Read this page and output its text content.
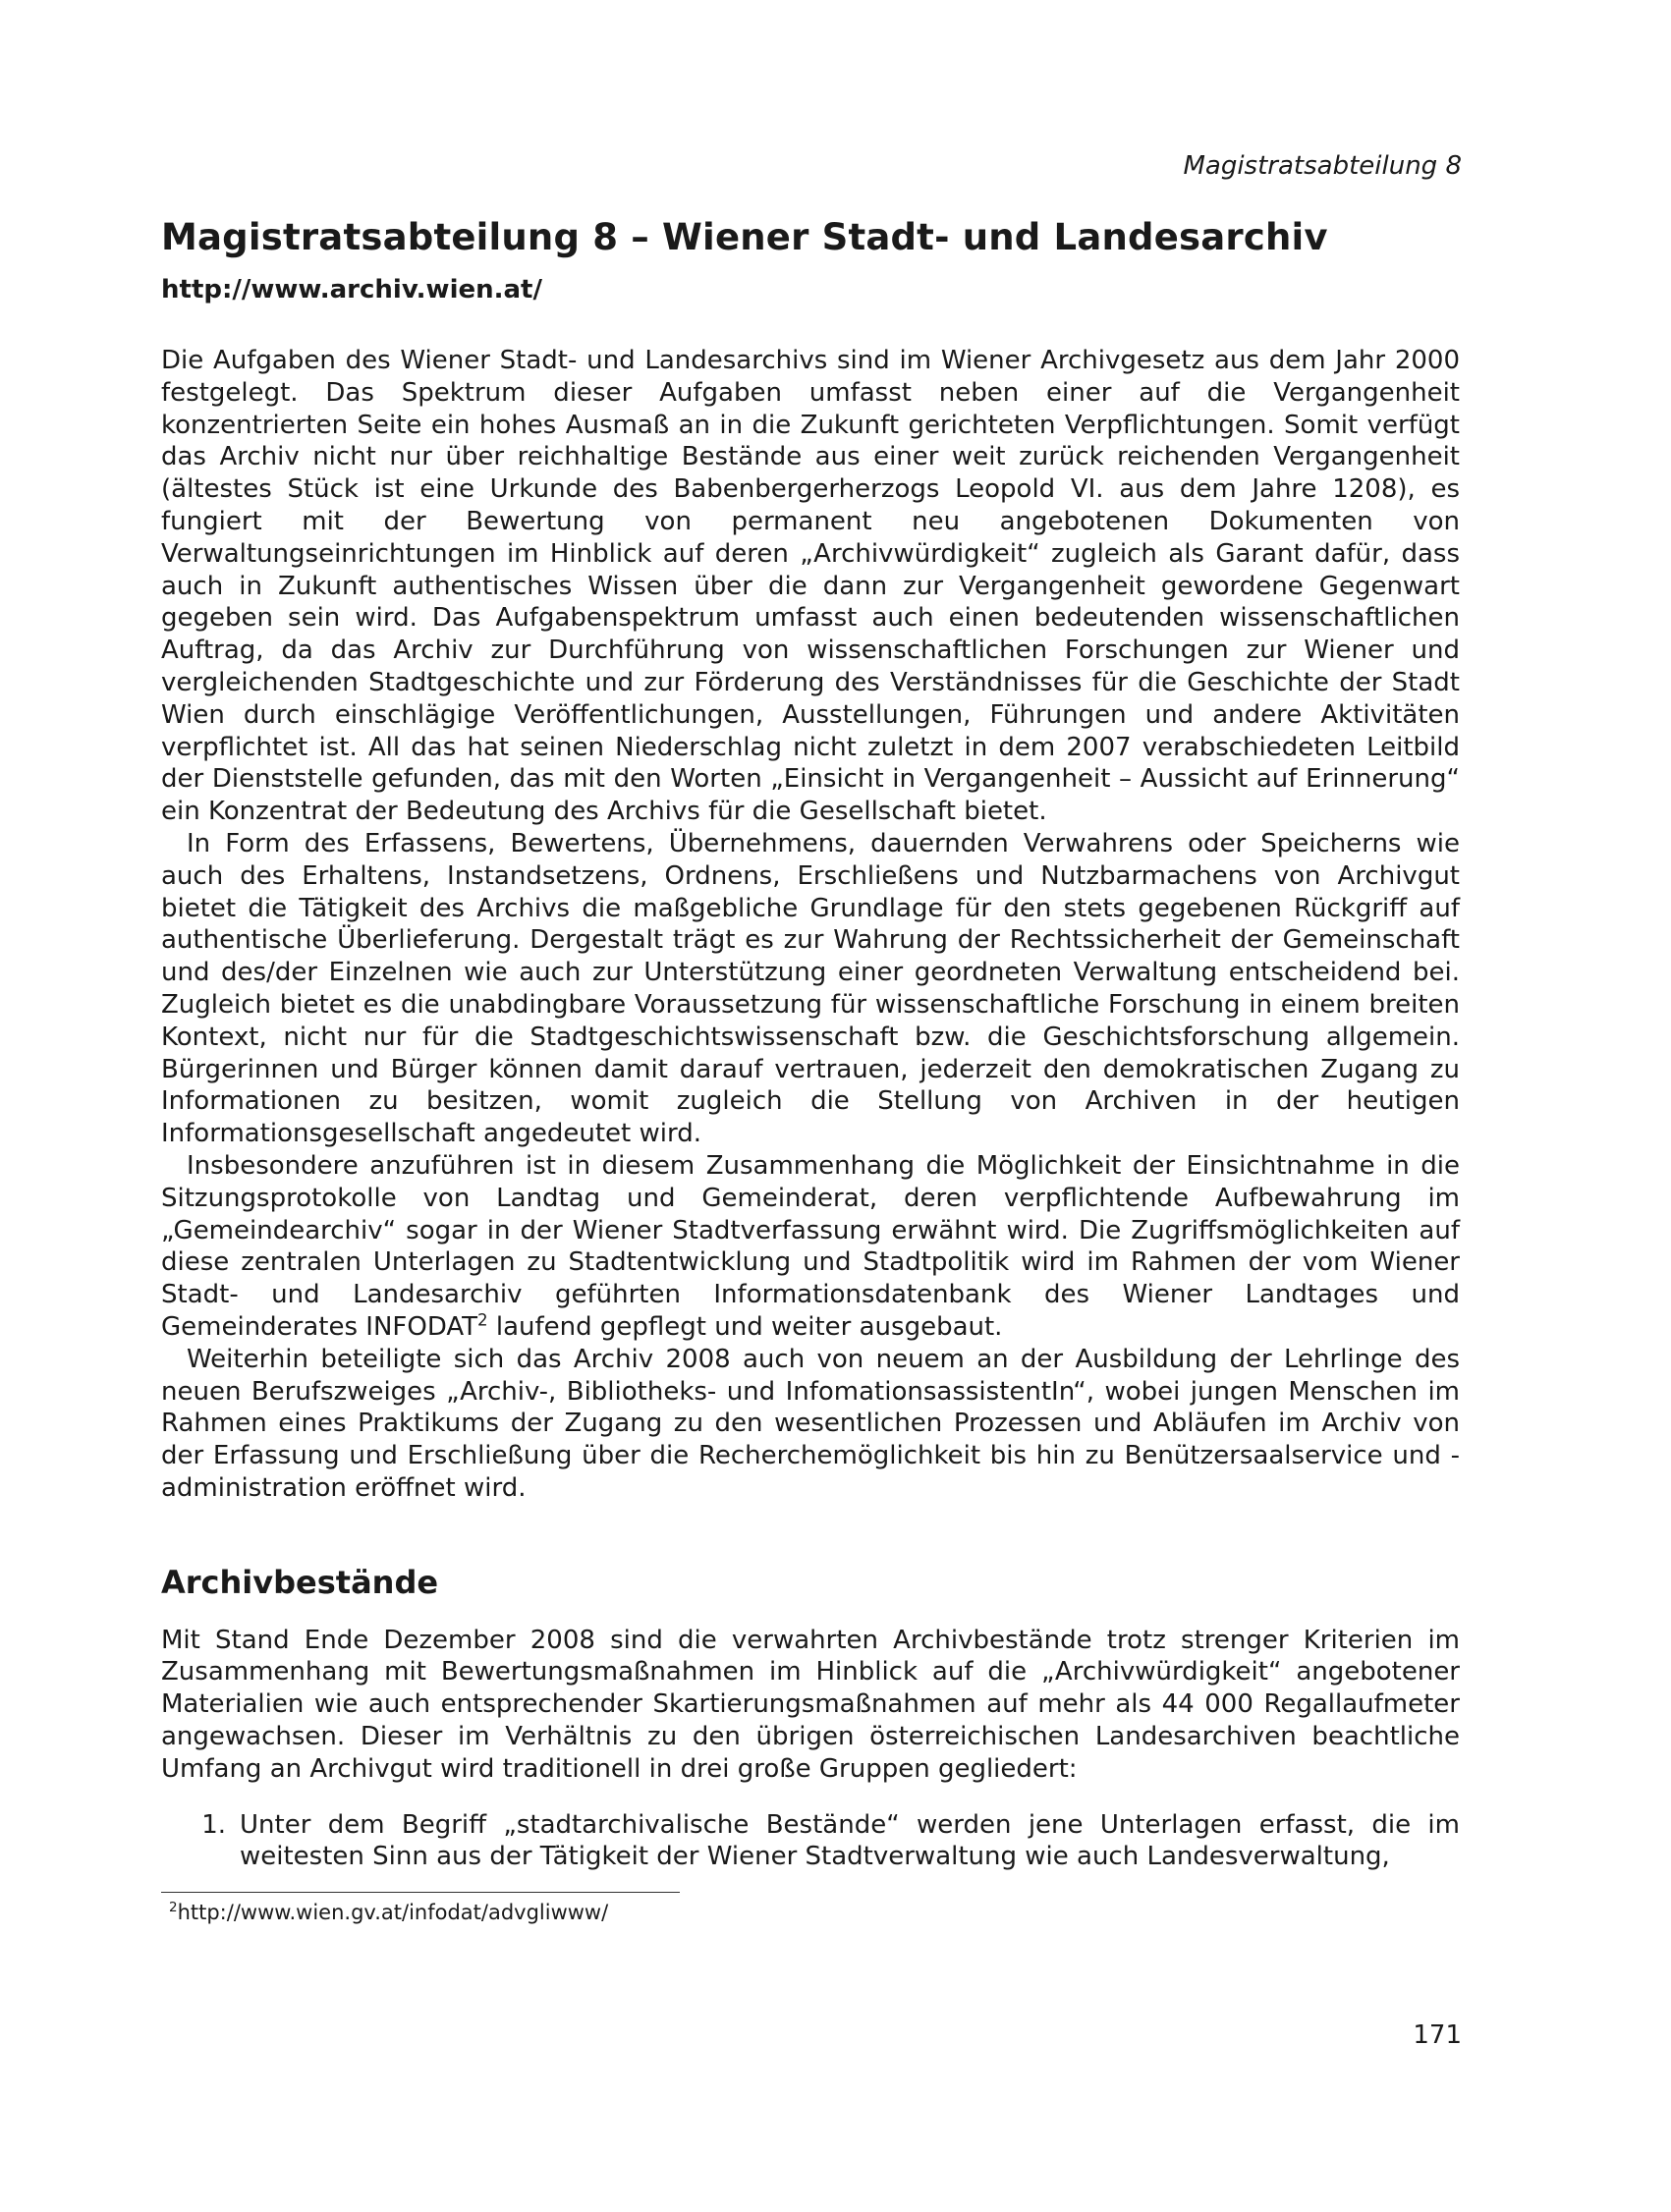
Magistratsabteilung 8

Magistratsabteilung 8 – Wiener Stadt- und Landesarchiv
http://www.archiv.wien.at/

Die Aufgaben des Wiener Stadt- und Landesarchivs sind im Wiener Archivgesetz aus dem Jahr 2000 festgelegt. Das Spektrum dieser Aufgaben umfasst neben einer auf die Vergangenheit konzentrierten Seite ein hohes Ausmaß an in die Zukunft gerichteten Verpflichtungen. Somit verfügt das Archiv nicht nur über reichhaltige Bestände aus einer weit zurück reichenden Vergangenheit (ältestes Stück ist eine Urkunde des Babenbergerherzogs Leopold VI. aus dem Jahre 1208), es fungiert mit der Bewertung von permanent neu angebotenen Dokumenten von Verwaltungseinrichtungen im Hinblick auf deren „Archivwürdigkeit“ zugleich als Garant dafür, dass auch in Zukunft authentisches Wissen über die dann zur Vergangenheit gewordene Gegenwart gegeben sein wird. Das Aufgabenspektrum umfasst auch einen bedeutenden wissenschaftlichen Auftrag, da das Archiv zur Durchführung von wissenschaftlichen Forschungen zur Wiener und vergleichenden Stadtgeschichte und zur Förderung des Verständnisses für die Geschichte der Stadt Wien durch einschlägige Veröffentlichungen, Ausstellungen, Führungen und andere Aktivitäten verpflichtet ist. All das hat seinen Niederschlag nicht zuletzt in dem 2007 verabschiedeten Leitbild der Dienststelle gefunden, das mit den Worten „Einsicht in Vergangenheit – Aussicht auf Erinnerung“ ein Konzentrat der Bedeutung des Archivs für die Gesellschaft bietet.

In Form des Erfassens, Bewertens, Übernehmens, dauernden Verwahrens oder Speicherns wie auch des Erhaltens, Instandsetzens, Ordnens, Erschließens und Nutzbarmachens von Archivgut bietet die Tätigkeit des Archivs die maßgebliche Grundlage für den stets gegebenen Rückgriff auf authentische Überlieferung. Dergestalt trägt es zur Wahrung der Rechtssicherheit der Gemeinschaft und des/der Einzelnen wie auch zur Unterstützung einer geordneten Verwaltung entscheidend bei. Zugleich bietet es die unabdingbare Voraussetzung für wissenschaftliche Forschung in einem breiten Kontext, nicht nur für die Stadtgeschichtswissenschaft bzw. die Geschichtsforschung allgemein. Bürgerinnen und Bürger können damit darauf vertrauen, jederzeit den demokratischen Zugang zu Informationen zu besitzen, womit zugleich die Stellung von Archiven in der heutigen Informationsgesellschaft angedeutet wird.

Insbesondere anzuführen ist in diesem Zusammenhang die Möglichkeit der Einsichtnahme in die Sitzungsprotokolle von Landtag und Gemeinderat, deren verpflichtende Aufbewahrung im „Gemeindearchiv“ sogar in der Wiener Stadtverfassung erwähnt wird. Die Zugriffsmöglichkeiten auf diese zentralen Unterlagen zu Stadtentwicklung und Stadtpolitik wird im Rahmen der vom Wiener Stadt- und Landesarchiv geführten Informationsdatenbank des Wiener Landtages und Gemeinderates INFODAT$^2$ laufend gepflegt und weiter ausgebaut.

Weiterhin beteiligte sich das Archiv 2008 auch von neuem an der Ausbildung der Lehrlinge des neuen Berufszweiges „Archiv-, Bibliotheks- und InfomationsassistentIn“, wobei jungen Menschen im Rahmen eines Praktikums der Zugang zu den wesentlichen Prozessen und Abläufen im Archiv von der Erfassung und Erschließung über die Recherchemöglichkeit bis hin zu Benützersaalservice und -administration eröffnet wird.

Archivbestände

Mit Stand Ende Dezember 2008 sind die verwahrten Archivbestände trotz strenger Kriterien im Zusammenhang mit Bewertungsmaßnahmen im Hinblick auf die „Archivwürdigkeit“ angebotener Materialien wie auch entsprechender Skartierungsmaßnahmen auf mehr als 44 000 Regallaufmeter angewachsen. Dieser im Verhältnis zu den übrigen österreichischen Landesarchiven beachtliche Umfang an Archivgut wird traditionell in drei große Gruppen gegliedert:

1. Unter dem Begriff „stadtarchivalische Bestände“ werden jene Unterlagen erfasst, die im weitesten Sinn aus der Tätigkeit der Wiener Stadtverwaltung wie auch Landesverwaltung,

$^2$http://www.wien.gv.at/infodat/advgliwww/

171
